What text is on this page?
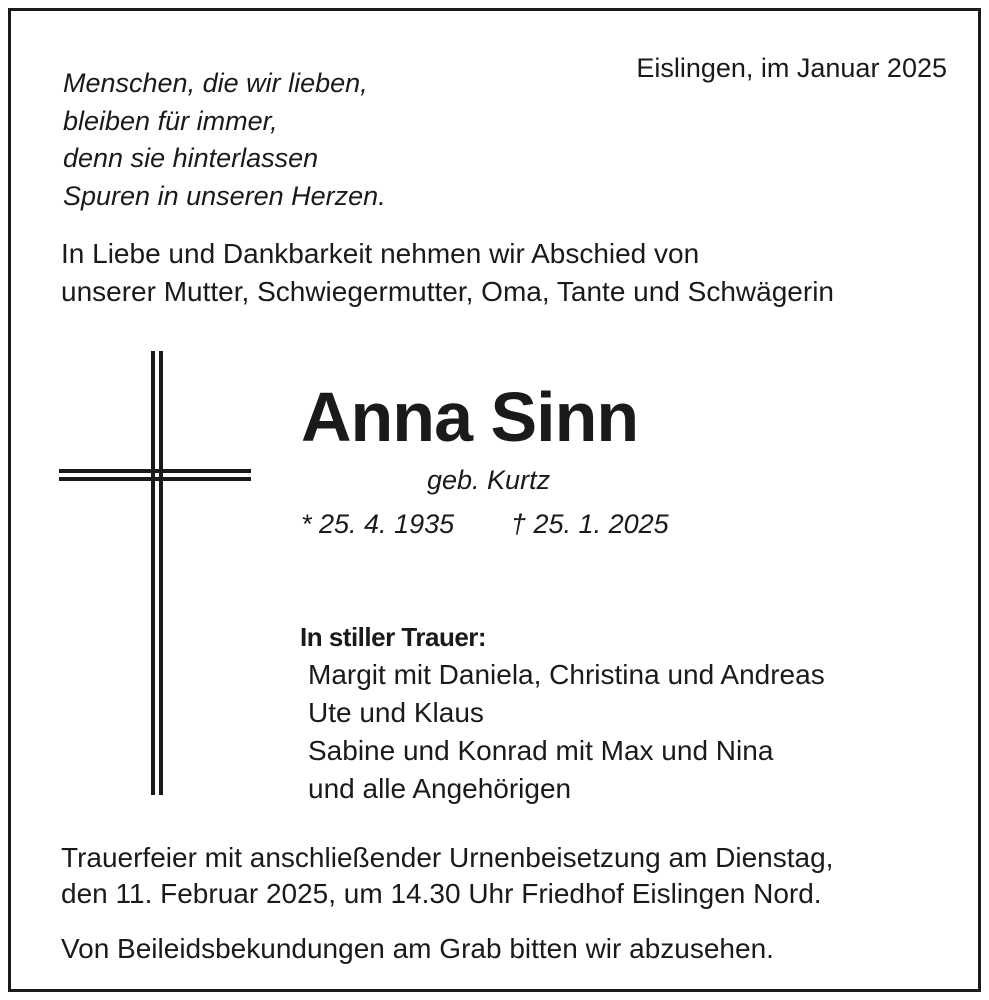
Menschen, die wir lieben,
bleiben für immer,
denn sie hinterlassen
Spuren in unseren Herzen.
Eislingen, im Januar 2025
In Liebe und Dankbarkeit nehmen wir Abschied von
unserer Mutter, Schwiegermutter, Oma, Tante und Schwägerin
Anna Sinn
geb. Kurtz
* 25. 4. 1935 † 25. 1. 2025
In stiller Trauer:
Margit mit Daniela, Christina und Andreas
Ute und Klaus
Sabine und Konrad mit Max und Nina
und alle Angehörigen
Trauerfeier mit anschließender Urnenbeisetzung am Dienstag,
den 11. Februar 2025, um 14.30 Uhr Friedhof Eislingen Nord.
Von Beileidsbekundungen am Grab bitten wir abzusehen.
